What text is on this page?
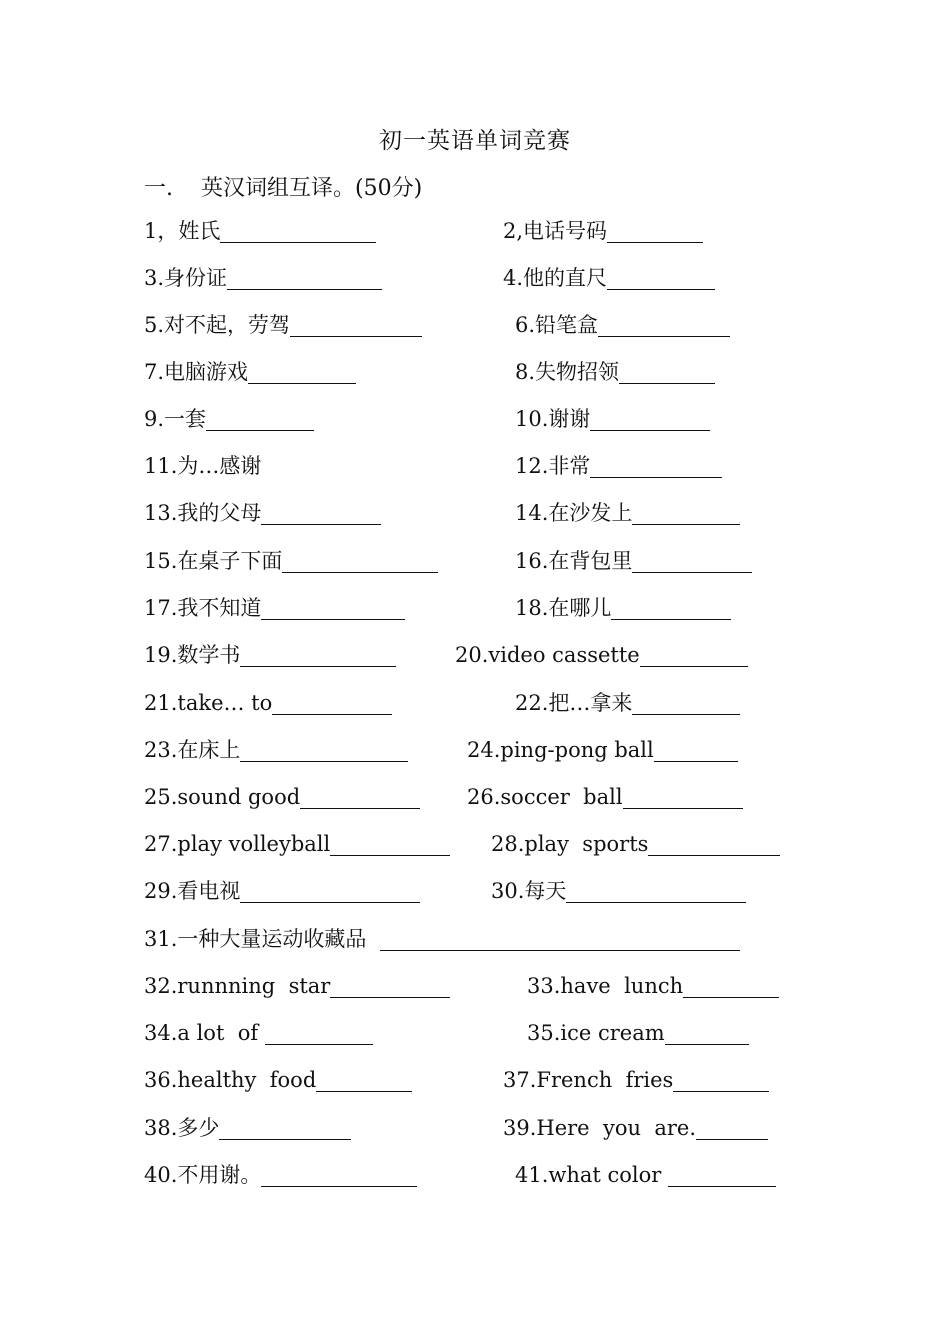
初一英语单词竞赛
一. 英汉词组互译。(50分)
1，姓氏	2,电话号码
3.身份证	4.他的直尺
5.对不起，劳驾	6.铅笔盒
7.电脑游戏	8.失物招领
9.一套	10.谢谢
11.为…感谢	12.非常
13.我的父母	14.在沙发上
15.在桌子下面	16.在背包里
17.我不知道	18.在哪儿
19.数学书	20.video cassette
21.take… to	22.把…拿来
23.在床上	24.ping-pong ball
25.sound good	26.soccer  ball
27.play volleyball	28.play  sports
29.看电视	30.每天
31.一种大量运动收藏品
32.runnning  star	33.have  lunch
34.a lot  of	35.ice cream
36.healthy  food	37.French  fries
38.多少	39.Here  you  are.
40.不用谢。	41.what color
